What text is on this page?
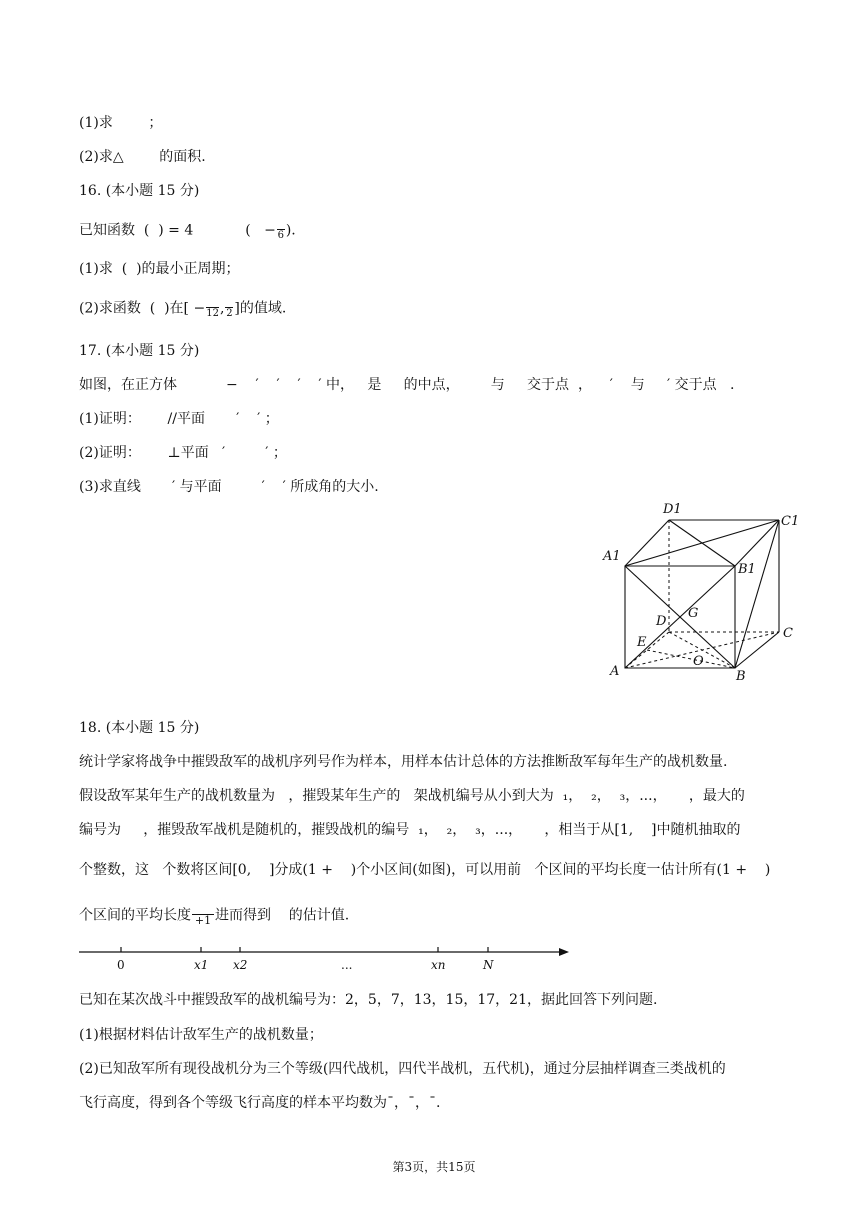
(1)求        ；
(2)求△        的面积.
16. (本小题 15 分)
已知函数  (  ) = 4	(   − 6 ).
(1)求  (  )的最小正周期；
(2)求函数  (  )在[ − 12 , 2 ]的值域.
17. (本小题 15 分)
如图，在正方体           −    ′    ′    ′    ′ 中，   是     的中点，       与     交于点  ，    ′    与     ′ 交于点   .
(1)证明：      //平面       ′    ′ ；
(2)证明：      ⊥平面   ′         ′ ；
(3)求直线       ′ 与平面         ′    ′ 所成角的大小.
D1
C1
A1
B1
G
D
C
E
O
A	B
18. (本小题 15 分)
统计学家将战争中摧毁敌军的战机序列号作为样本，用样本估计总体的方法推断敌军每年生产的战机数量.
假设敌军某年生产的战机数量为   ，摧毁某年生产的   架战机编号从小到大为  ₁，  ₂，  ₃，...，     ，最大的
编号为     ，摧毁敌军战机是随机的，摧毁战机的编号  ₁，  ₂，  ₃，...，     ，相当于从[1,    ]中随机抽取的
个整数，这   个数将区间[0,    ]分成(1 +    )个小区间(如图)，可以用前   个区间的平均长度一估计所有(1 +    )
个区间的平均长度 +1 进而得到    的估计值.
0	x1 x2	...	xn	N
已知在某次战斗中摧毁敌军的战机编号为：2，5，7，13，15，17，21，据此回答下列问题.
(1)根据材料估计敌军生产的战机数量；
(2)已知敌军所有现役战机分为三个等级(四代战机，四代半战机，五代机)，通过分层抽样调查三类战机的
飞行高度，得到各个等级飞行高度的样本平均数为¯，¯，¯.
第3页，共15页
